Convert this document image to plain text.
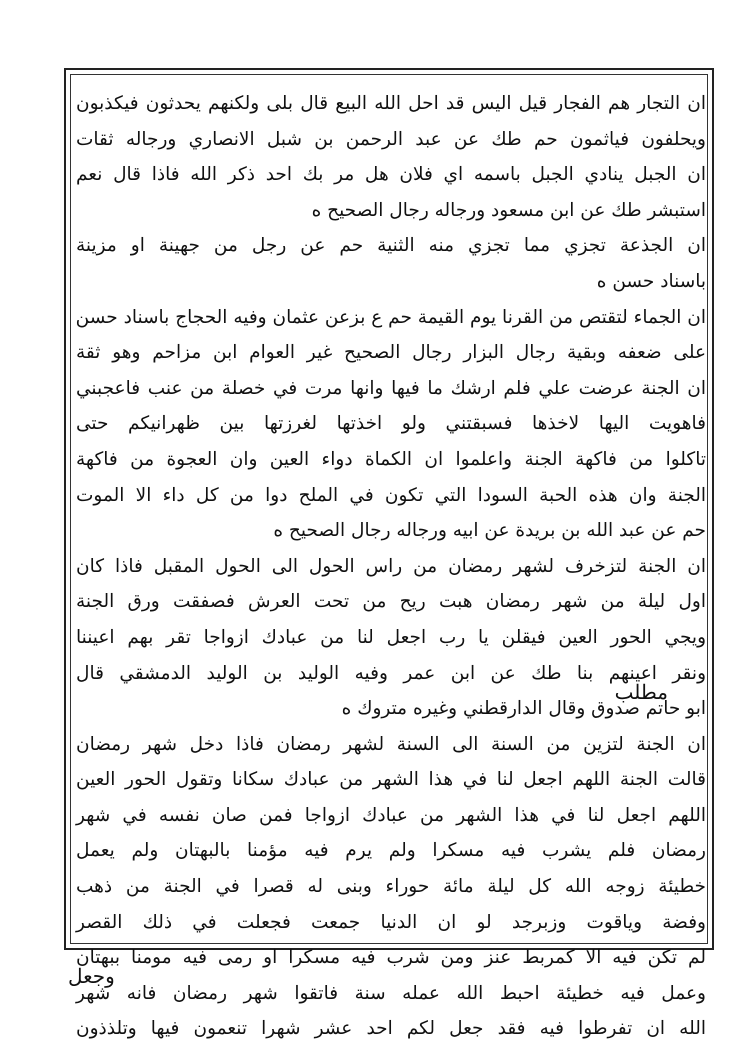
ان التجار هم الفجار قيل اليس قد احل الله البيع قال بلى ولكنهم يحدثون فيكذبون
ويحلفون فياثمون حم طك عن عبد الرحمن بن شبل الانصاري ورجاله ثقات
ان الجبل ينادي الجبل باسمه اي فلان هل مر بك احد ذكر الله فاذا قال نعم
استبشر طك عن ابن مسعود ورجاله رجال الصحيح ه
ان الجذعة تجزي مما تجزي منه الثنية حم عن رجل من جهينة او مزينة
باسناد حسن ه
ان الجماء لتقتص من القرنا يوم القيمة حم ع بزعن عثمان وفيه الحجاج باسناد حسن
على ضعفه وبقية رجال البزار رجال الصحيح غير العوام ابن مزاحم وهو ثقة
ان الجنة عرضت علي فلم ارشك ما فيها وانها مرت في خصلة من عنب فاعجبني
فاهويت اليها لاخذها فسبقتني ولو اخذتها لغرزتها بين ظهرانيكم حتى
تاكلوا من فاكهة الجنة واعلموا ان الكماة دواء العين وان العجوة من فاكهة
الجنة وان هذه الحبة السودا التي تكون في الملح دوا من كل داء الا الموت
حم عن عبد الله بن بريدة عن ابيه ورجاله رجال الصحيح ه
ان الجنة لتزخرف لشهر رمضان من راس الحول الى الحول المقبل فاذا كان
اول ليلة من شهر رمضان هبت ريح من تحت العرش فصفقت ورق الجنة
ويجي الحور العين فيقلن يا رب اجعل لنا من عبادك ازواجا تقر بهم اعيننا
ونقر اعينهم بنا طك عن ابن عمر وفيه الوليد بن الوليد الدمشقي قال
ابو حاتم صدوق وقال الدارقطني وغيره متروك ه
ان الجنة لتزين من السنة الى السنة لشهر رمضان فاذا دخل شهر رمضان
قالت الجنة اللهم اجعل لنا في هذا الشهر من عبادك سكانا وتقول الحور العين
اللهم اجعل لنا في هذا الشهر من عبادك ازواجا فمن صان نفسه في شهر
رمضان فلم يشرب فيه مسكرا ولم يرم فيه مؤمنا بالبهتان ولم يعمل
خطيئة زوجه الله كل ليلة مائة حوراء وبنى له قصرا في الجنة من ذهب
وفضة وياقوت وزبرجد لو ان الدنيا جمعت فجعلت في ذلك القصر
لم تكن فيه الا كمربط عنز ومن شرب فيه مسكرا او رمى فيه مومنا ببهتان
وعمل فيه خطيئة احبط الله عمله سنة فاتقوا شهر رمضان فانه شهر
الله ان تفرطوا فيه فقد جعل لكم احد عشر شهرا تنعمون فيها وتلذذون
مطلب
وجعل
